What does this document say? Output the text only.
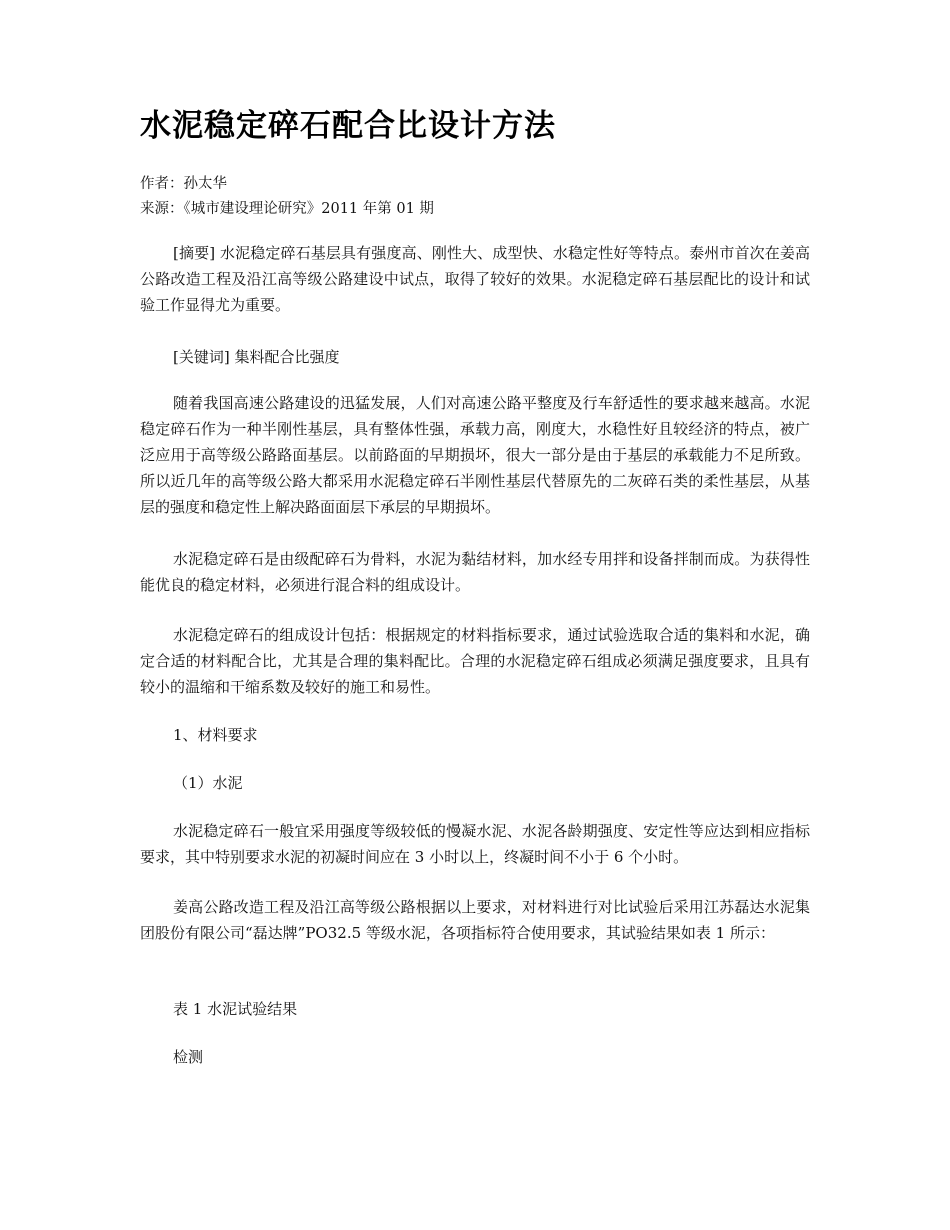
水泥稳定碎石配合比设计方法
作者：孙太华
来源：《城市建设理论研究》2011 年第 01 期

[摘要] 水泥稳定碎石基层具有强度高、刚性大、成型快、水稳定性好等特点。泰州市首次在姜高公路改造工程及沿江高等级公路建设中试点，取得了较好的效果。水泥稳定碎石基层配比的设计和试验工作显得尤为重要。

[关键词] 集料配合比强度

随着我国高速公路建设的迅猛发展，人们对高速公路平整度及行车舒适性的要求越来越高。水泥稳定碎石作为一种半刚性基层，具有整体性强，承载力高，刚度大，水稳性好且较经济的特点，被广泛应用于高等级公路路面基层。以前路面的早期损坏，很大一部分是由于基层的承载能力不足所致。所以近几年的高等级公路大都采用水泥稳定碎石半刚性基层代替原先的二灰碎石类的柔性基层，从基层的强度和稳定性上解决路面面层下承层的早期损坏。

水泥稳定碎石是由级配碎石为骨料，水泥为黏结材料，加水经专用拌和设备拌制而成。为获得性能优良的稳定材料，必须进行混合料的组成设计。

水泥稳定碎石的组成设计包括：根据规定的材料指标要求，通过试验选取合适的集料和水泥，确定合适的材料配合比，尤其是合理的集料配比。合理的水泥稳定碎石组成必须满足强度要求，且具有较小的温缩和干缩系数及较好的施工和易性。

1、材料要求

（1）水泥

水泥稳定碎石一般宜采用强度等级较低的慢凝水泥、水泥各龄期强度、安定性等应达到相应指标要求，其中特别要求水泥的初凝时间应在 3 小时以上，终凝时间不小于 6 个小时。

姜高公路改造工程及沿江高等级公路根据以上要求，对材料进行对比试验后采用江苏磊达水泥集团股份有限公司“磊达牌”PO32.5 等级水泥，各项指标符合使用要求，其试验结果如表 1 所示：

表 1 水泥试验结果

检测
